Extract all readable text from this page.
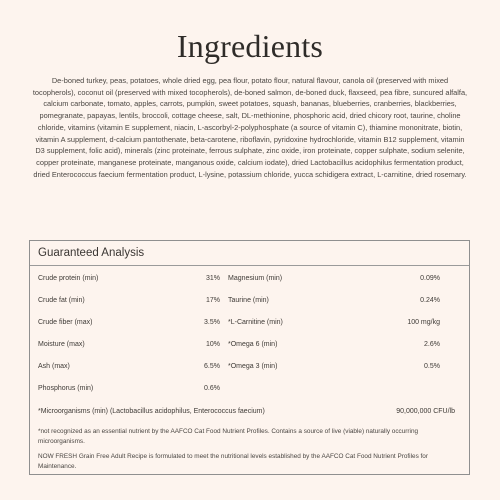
Ingredients
De-boned turkey, peas, potatoes, whole dried egg, pea flour, potato flour, natural flavour, canola oil (preserved with mixed tocopherols), coconut oil (preserved with mixed tocopherols), de-boned salmon, de-boned duck, flaxseed, pea fibre, suncured alfalfa, calcium carbonate, tomato, apples, carrots, pumpkin, sweet potatoes, squash, bananas, blueberries, cranberries, blackberries, pomegranate, papayas, lentils, broccoli, cottage cheese, salt, DL-methionine, phosphoric acid, dried chicory root, taurine, choline chloride, vitamins (vitamin E supplement, niacin, L-ascorbyl-2-polyphosphate (a source of vitamin C), thiamine mononitrate, biotin, vitamin A supplement, d-calcium pantothenate, beta-carotene, riboflavin, pyridoxine hydrochloride, vitamin B12 supplement, vitamin D3 supplement, folic acid), minerals (zinc proteinate, ferrous sulphate, zinc oxide, iron proteinate, copper sulphate, sodium selenite, copper proteinate, manganese proteinate, manganous oxide, calcium iodate), dried Lactobacillus acidophilus fermentation product, dried Enterococcus faecium fermentation product, L-lysine, potassium chloride, yucca schidigera extract, L-carnitine, dried rosemary.
Guaranteed Analysis
Crude protein (min)	31% Magnesium (min)	0.09%
Crude fat (min)	17% Taurine (min)	0.24%
Crude fiber (max)	3.5% *L-Carnitine (min)	100 mg/kg
Moisture (max)	10% *Omega 6 (min)	2.6%
Ash (max)	6.5% *Omega 3 (min)	0.5%
Phosphorus (min)	0.6%
*Microorganisms (min) (Lactobacillus acidophilus, Enterococcus faecium)	90,000,000 CFU/lb
*not recognized as an essential nutrient by the AAFCO Cat Food Nutrient Profiles. Contains a source of live (viable) naturally occurring microorganisms.
NOW FRESH Grain Free Adult Recipe is formulated to meet the nutritional levels established by the AAFCO Cat Food Nutrient Profiles for Maintenance.
